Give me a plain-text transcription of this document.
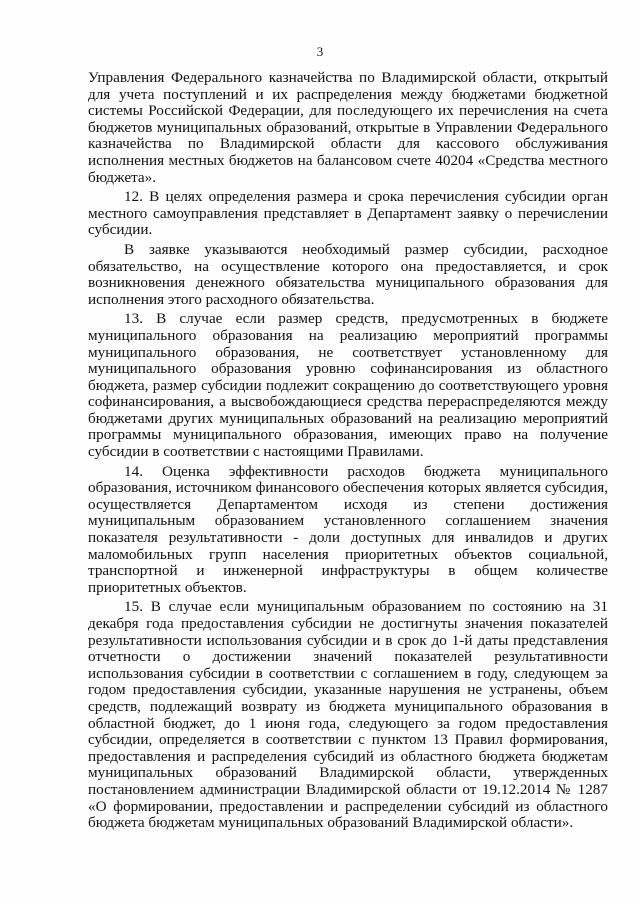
3

Управления Федерального казначейства по Владимирской области, открытый для учета поступлений и их распределения между бюджетами бюджетной системы Российской Федерации, для последующего их перечисления на счета бюджетов муниципальных образований, открытые в Управлении Федерального казначейства по Владимирской области для кассового обслуживания исполнения местных бюджетов на балансовом счете 40204 «Средства местного бюджета».

12. В целях определения размера и срока перечисления субсидии орган местного самоуправления представляет в Департамент заявку о перечислении субсидии.

В заявке указываются необходимый размер субсидии, расходное обязательство, на осуществление которого она предоставляется, и срок возникновения денежного обязательства муниципального образования для исполнения этого расходного обязательства.

13. В случае если размер средств, предусмотренных в бюджете муниципального образования на реализацию мероприятий программы муниципального образования, не соответствует установленному для муниципального образования уровню софинансирования из областного бюджета, размер субсидии подлежит сокращению до соответствующего уровня софинансирования, а высвобождающиеся средства перераспределяются между бюджетами других муниципальных образований на реализацию мероприятий программы муниципального образования, имеющих право на получение субсидии в соответствии с настоящими Правилами.

14. Оценка эффективности расходов бюджета муниципального образования, источником финансового обеспечения которых является субсидия, осуществляется Департаментом исходя из степени достижения муниципальным образованием установленного соглашением значения показателя результативности - доли доступных для инвалидов и других маломобильных групп населения приоритетных объектов социальной, транспортной и инженерной инфраструктуры в общем количестве приоритетных объектов.

15. В случае если муниципальным образованием по состоянию на 31 декабря года предоставления субсидии не достигнуты значения показателей результативности использования субсидии и в срок до 1-й даты представления отчетности о достижении значений показателей результативности использования субсидии в соответствии с соглашением в году, следующем за годом предоставления субсидии, указанные нарушения не устранены, объем средств, подлежащий возврату из бюджета муниципального образования в областной бюджет, до 1 июня года, следующего за годом предоставления субсидии, определяется в соответствии с пунктом 13 Правил формирования, предоставления и распределения субсидий из областного бюджета бюджетам муниципальных образований Владимирской области, утвержденных постановлением администрации Владимирской области от 19.12.2014 № 1287 «О формировании, предоставлении и распределении субсидий из областного бюджета бюджетам муниципальных образований Владимирской области».
